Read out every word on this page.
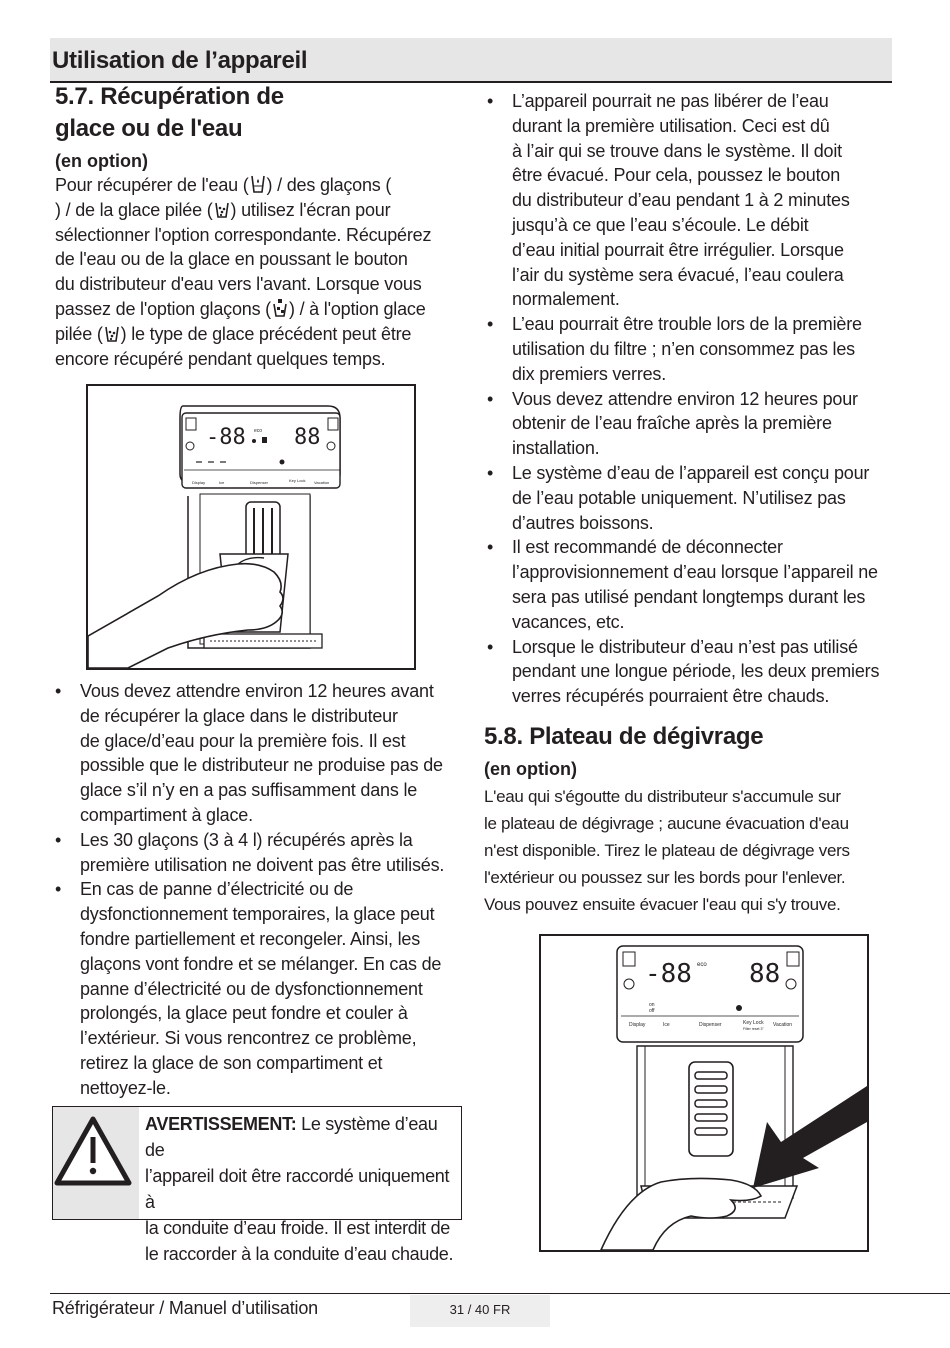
Utilisation de l’appareil
5.7. Récupération de
glace ou de l'eau
(en option)
Pour récupérer de l'eau ( ) / des glaçons (
) / de la glace pilée ( ) utilisez l'écran pour
sélectionner l'option correspondante. Récupérez
de l'eau ou de la glace en poussant le bouton
du distributeur d'eau vers l'avant. Lorsque vous
passez de l'option glaçons ( ) / à l'option glace
pilée ( ) le type de glace précédent peut être
encore récupéré pendant quelques temps.
-88 88
eco
Display	Ice	Dispenser	Key Lock Vacation
• Vous devez attendre environ 12 heures avant
de récupérer la glace dans le distributeur
de glace/d’eau pour la première fois. Il est
possible que le distributeur ne produise pas de
glace s’il n’y en a pas suffisamment dans le
compartiment à glace.
• Les 30 glaçons (3 à 4 l) récupérés après la
première utilisation ne doivent pas être utilisés.
• En cas de panne d’électricité ou de
dysfonctionnement temporaires, la glace peut
fondre partiellement et recongeler. Ainsi, les
glaçons vont fondre et se mélanger. En cas de
panne d’électricité ou de dysfonctionnement
prolongés, la glace peut fondre et couler à
l’extérieur. Si vous rencontrez ce problème,
retirez la glace de son compartiment et
nettoyez-le.
AVERTISSEMENT: Le système d’eau de
l’appareil doit être raccordé uniquement à
la conduite d’eau froide. Il est interdit de
le raccorder à la conduite d’eau chaude.
• L’appareil pourrait ne pas libérer de l’eau
durant la première utilisation. Ceci est dû
à l’air qui se trouve dans le système. Il doit
être évacué. Pour cela, poussez le bouton
du distributeur d’eau pendant 1 à 2 minutes
jusqu’à ce que l’eau s’écoule. Le débit
d’eau initial pourrait être irrégulier. Lorsque
l’air du système sera évacué, l’eau coulera
normalement.
• L’eau pourrait être trouble lors de la première
utilisation du filtre ; n’en consommez pas les
dix premiers verres.
• Vous devez attendre environ 12 heures pour
obtenir de l’eau fraîche après la première
installation.
• Le système d’eau de l’appareil est conçu pour
de l’eau potable uniquement. N’utilisez pas
d’autres boissons.
• Il est recommandé de déconnecter
l’approvisionnement d’eau lorsque l’appareil ne
sera pas utilisé pendant longtemps durant les
vacances, etc.
• Lorsque le distributeur d’eau n’est pas utilisé
pendant une longue période, les deux premiers
verres récupérés pourraient être chauds.
5.8. Plateau de dégivrage
(en option)
L'eau qui s'égoutte du distributeur s'accumule sur
le plateau de dégivrage ; aucune évacuation d'eau
n'est disponible. Tirez le plateau de dégivrage vers
l'extérieur ou poussez sur les bords pour l'enlever.
Vous pouvez ensuite évacuer l'eau qui s'y trouve.
-88 88
eco
on
off
Display	Ice	Dispenser	Key Lock Vacation
Filter reset 3"
Réfrigérateur / Manuel d’utilisation	31 / 40 FR
